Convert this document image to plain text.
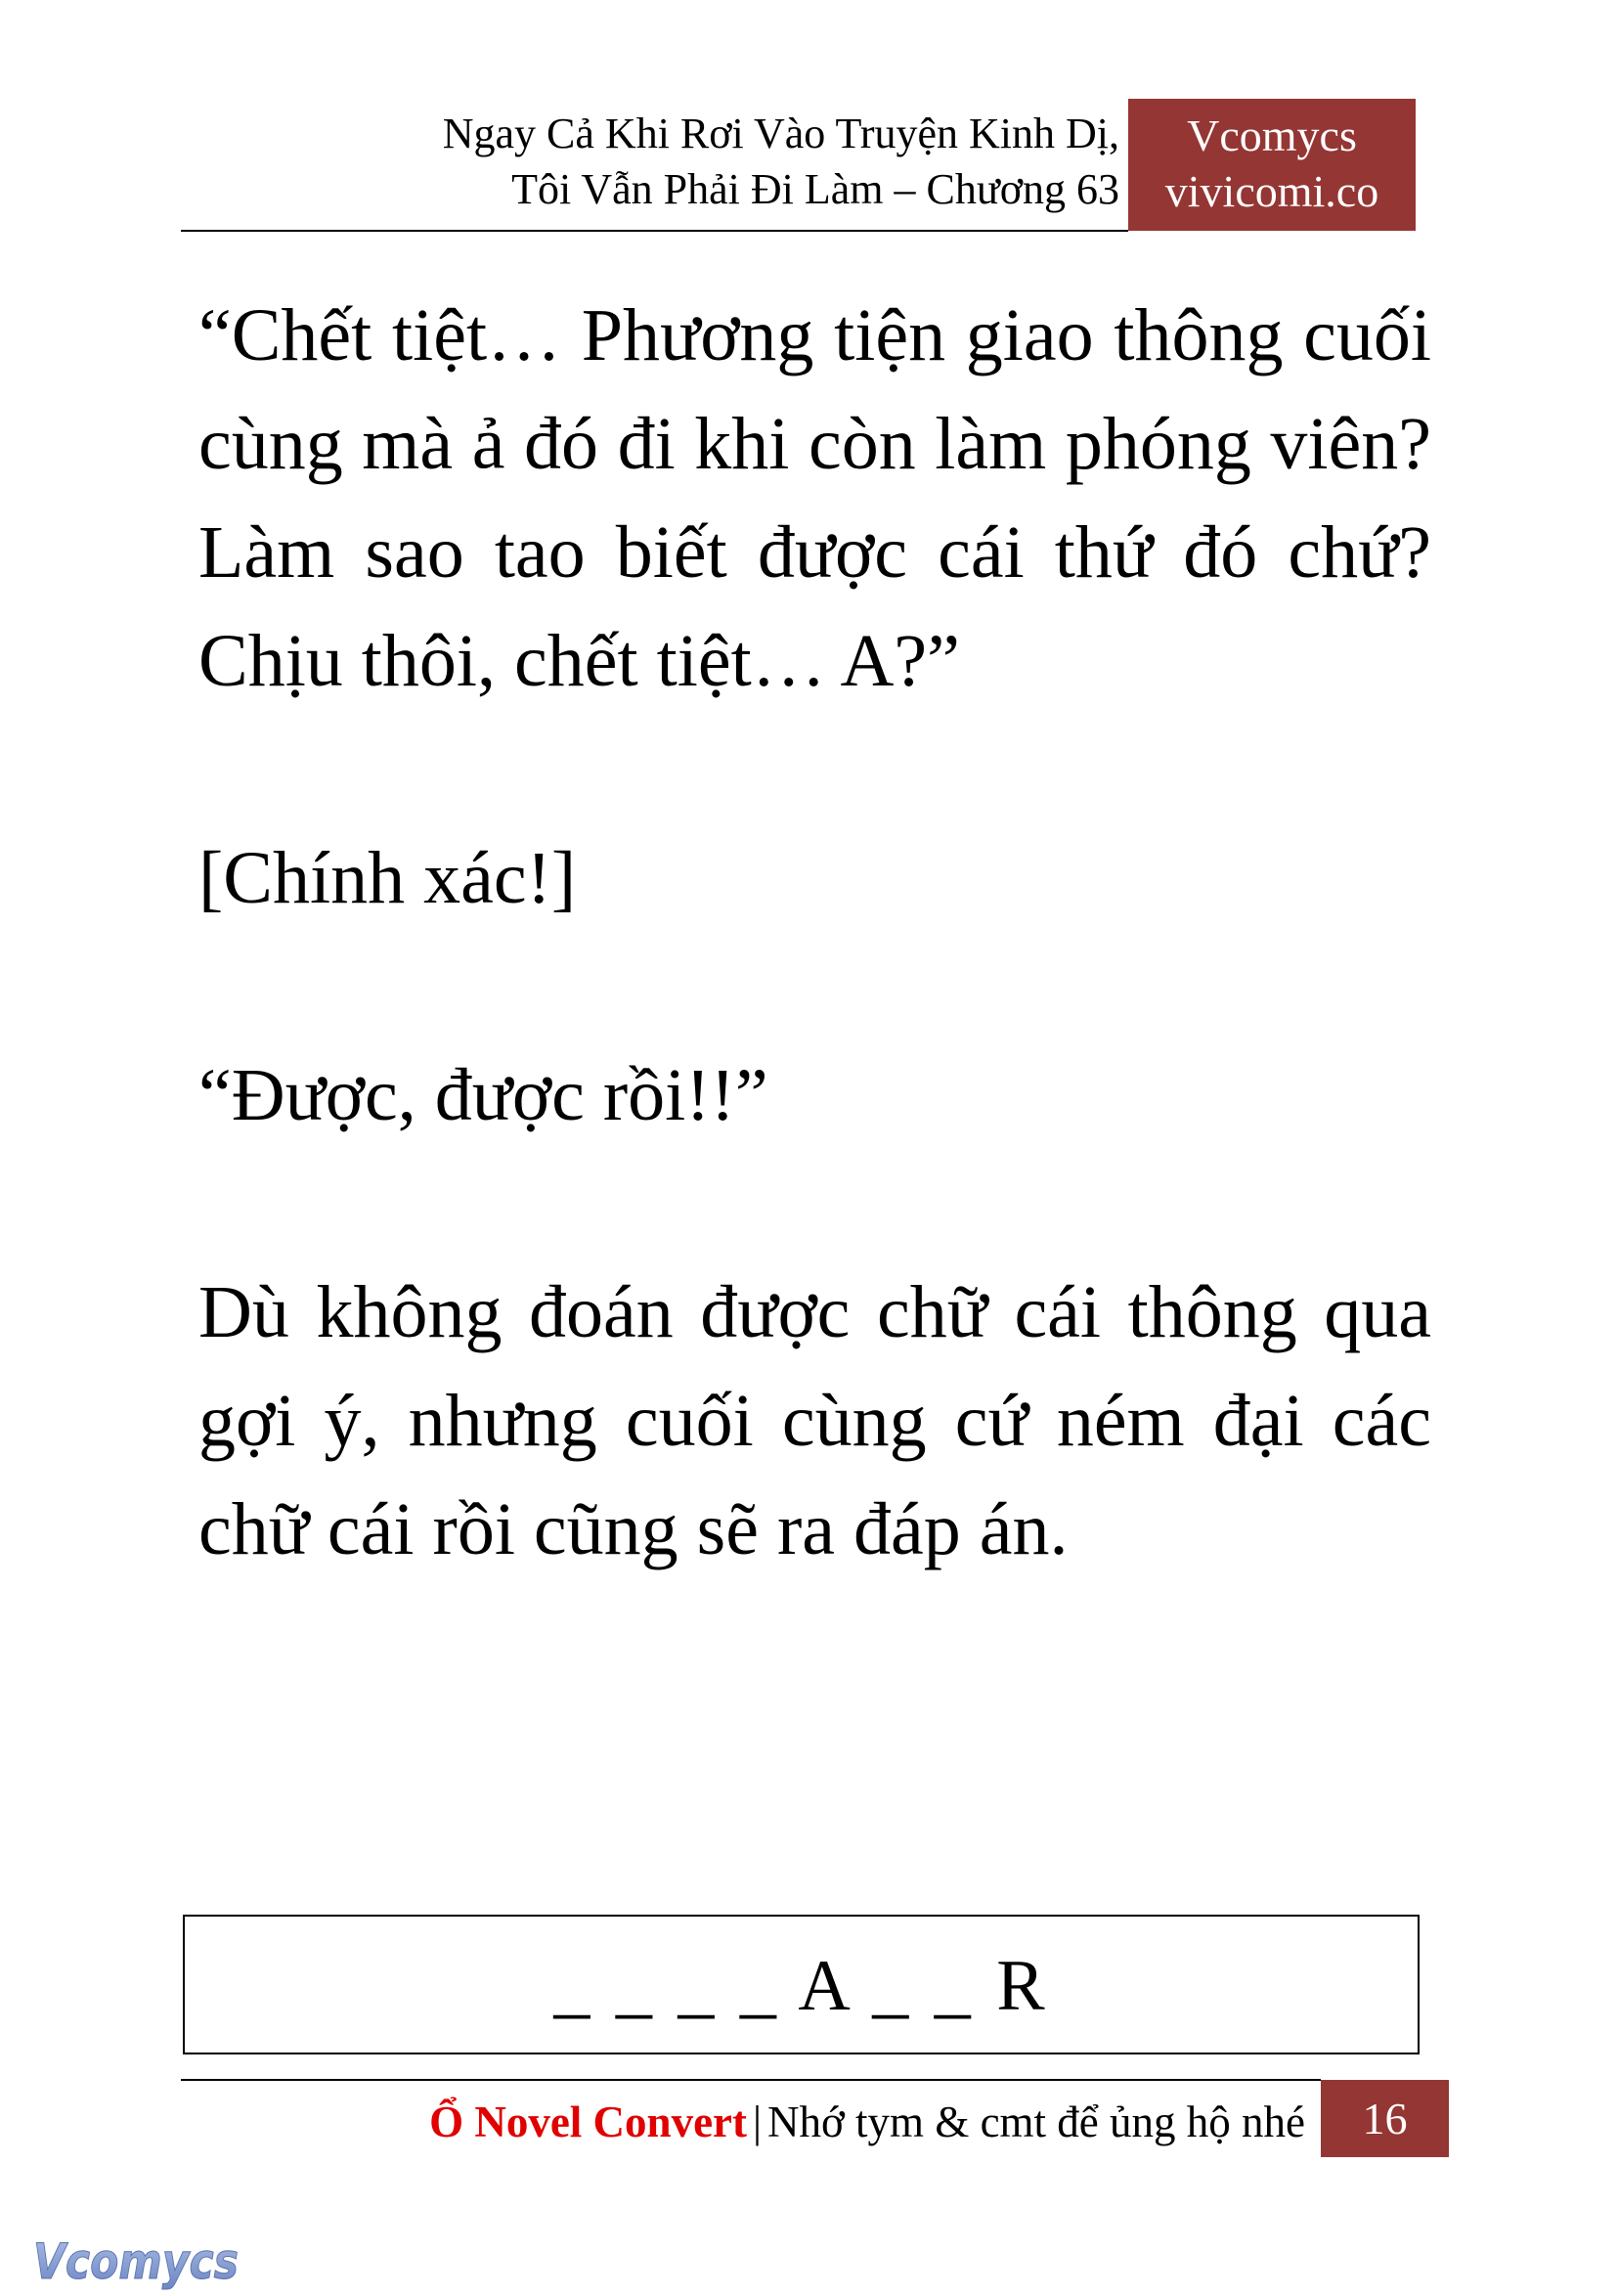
Ngay Cả Khi Rơi Vào Truyện Kinh Dị,
Tôi Vẫn Phải Đi Làm – Chương 63
Vcomycs
vivicomi.co

“Chết tiệt… Phương tiện giao thông cuối cùng mà ả đó đi khi còn làm phóng viên? Làm sao tao biết được cái thứ đó chứ? Chịu thôi, chết tiệt… A?”

[Chính xác!]

“Được, được rồi!!”

Dù không đoán được chữ cái thông qua gợi ý, nhưng cuối cùng cứ ném đại các chữ cái rồi cũng sẽ ra đáp án.

_ _ _ _ A _ _ R
Ổ Novel Convert | Nhớ tym & cmt để ủng hộ nhé	16
Vcomycs
